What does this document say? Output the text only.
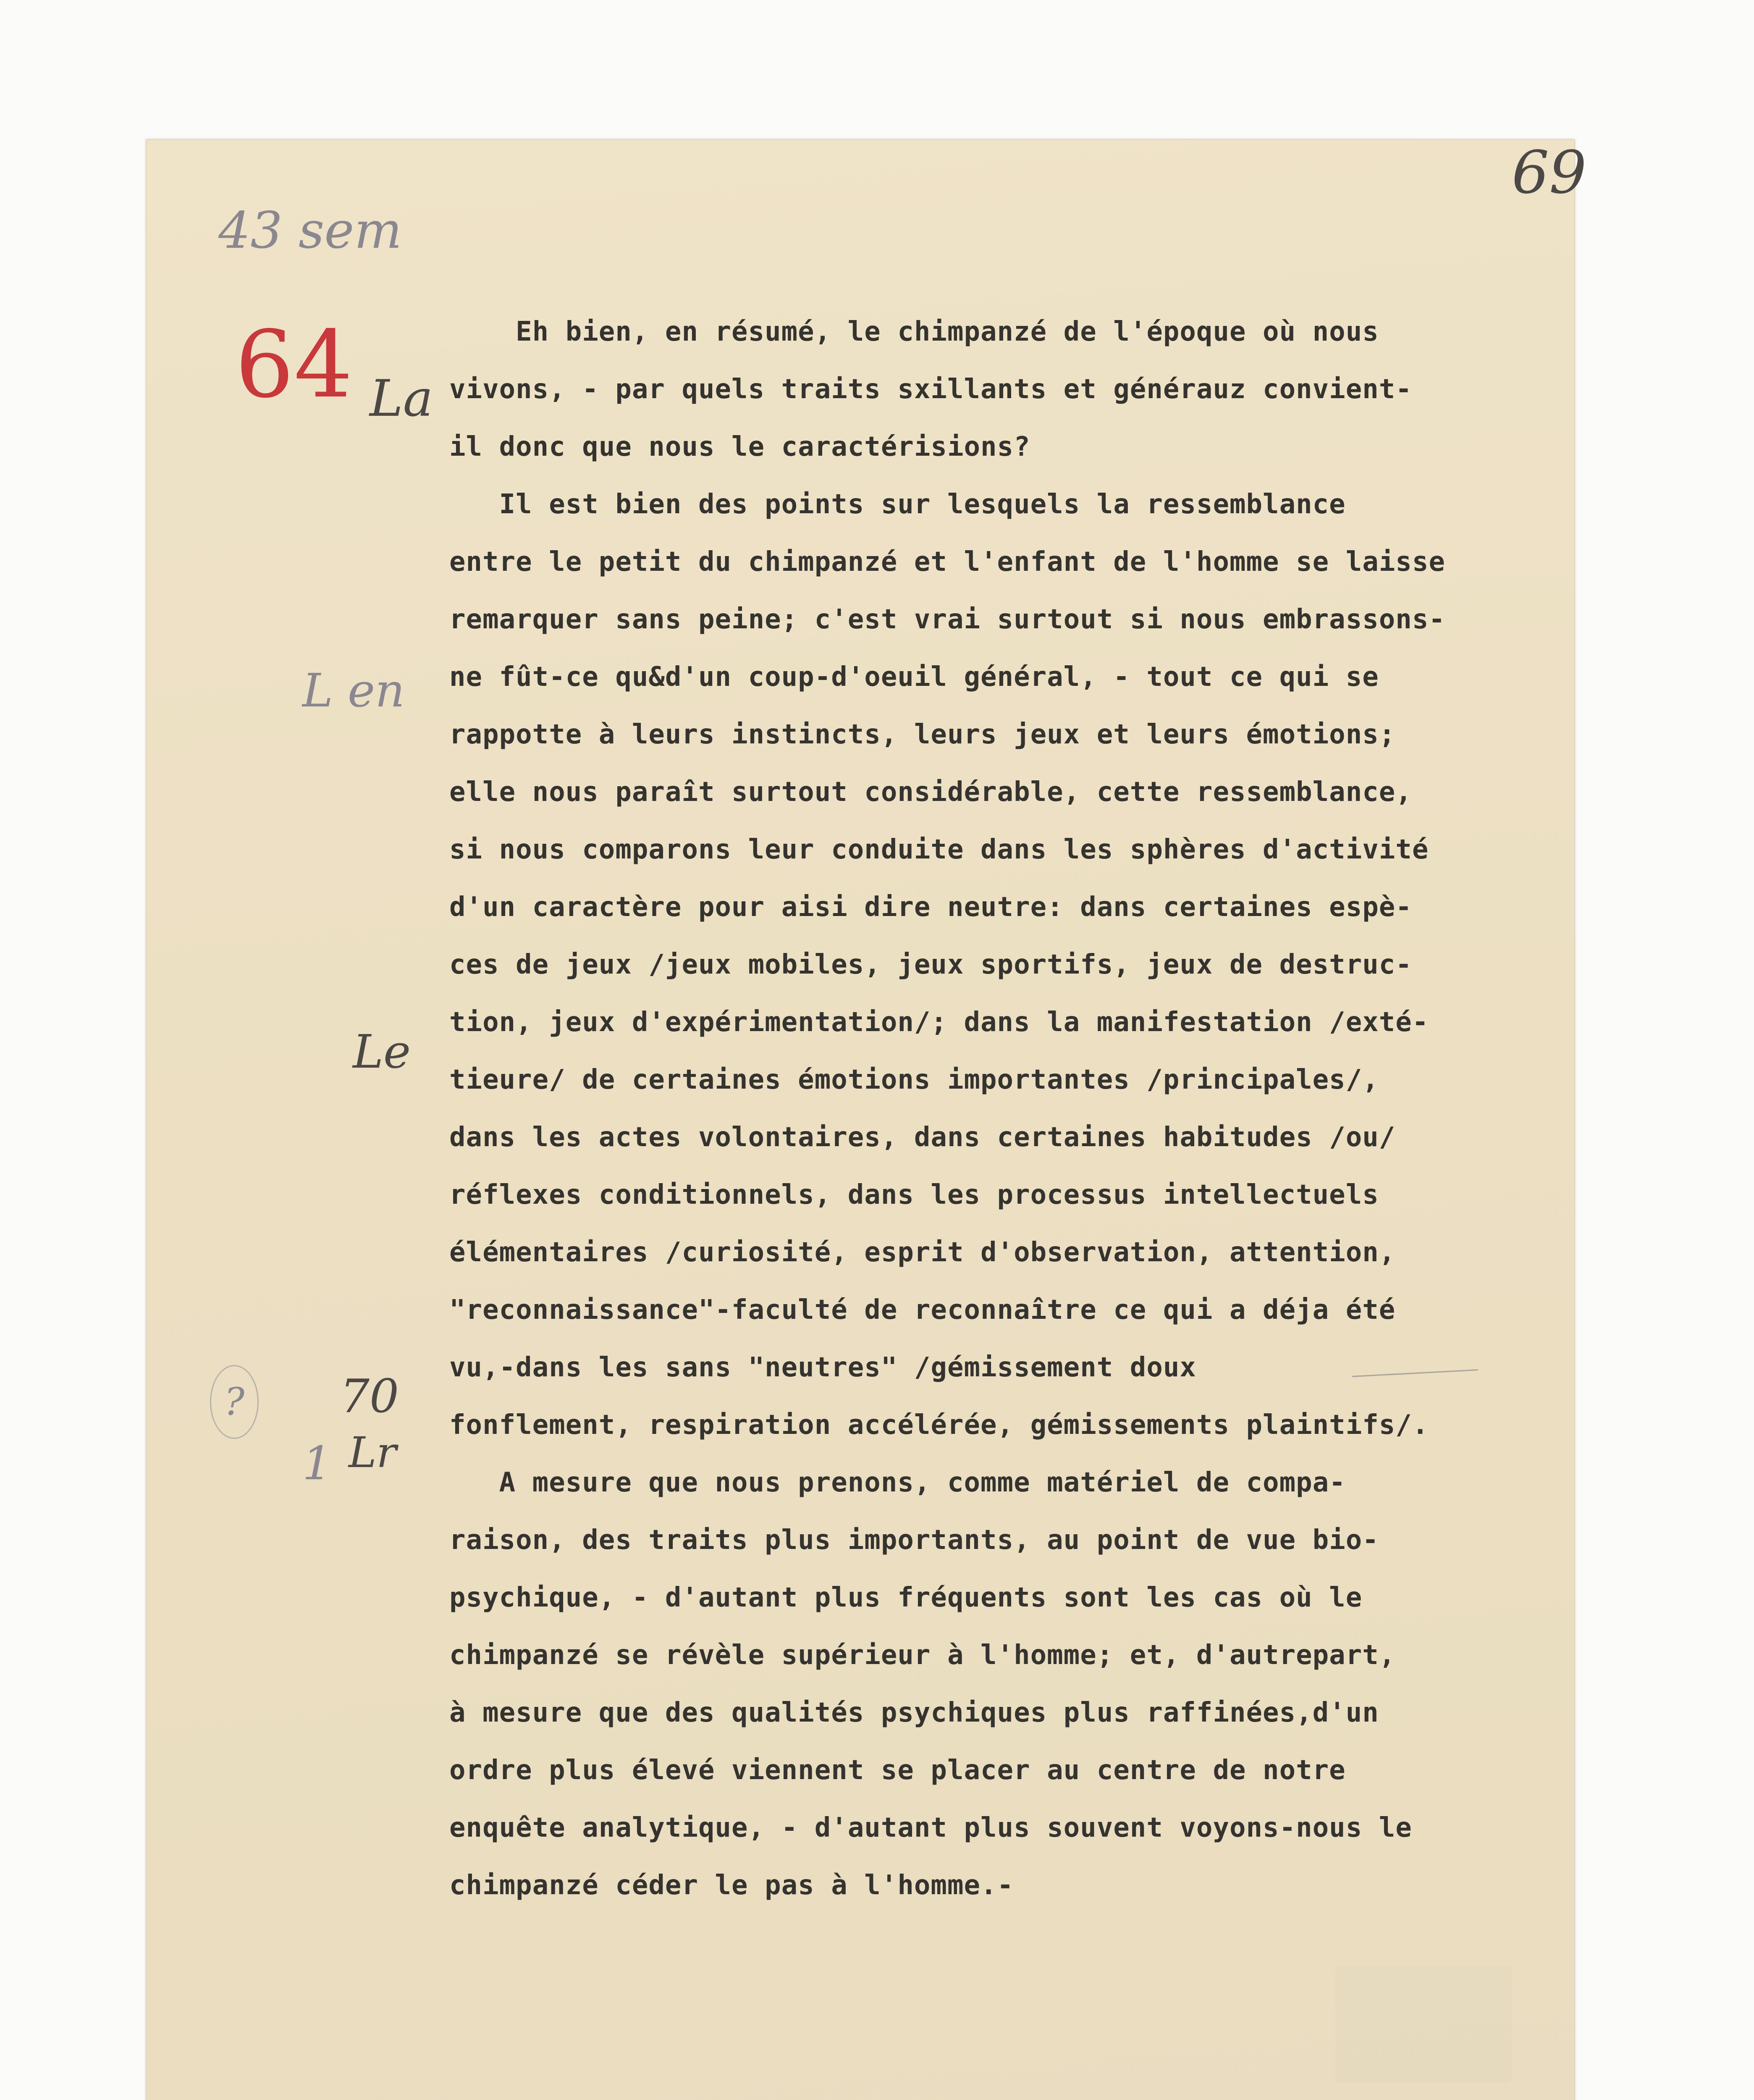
69
43 sem
64 La
L en
Le
?	70
Lr
1
Eh bien, en résumé, le chimpanzé de l'époque où nous
vivons, - par quels traits sxillants et générauz convient-
il donc que nous le caractérisions?
Il est bien des points sur lesquels la ressemblance
entre le petit du chimpanzé et l'enfant de l'homme se laisse
remarquer sans peine; c'est vrai surtout si nous embrassons-
ne fût-ce qu&d'un coup-d'oeuil général, - tout ce qui se
rappotte à leurs instincts, leurs jeux et leurs émotions;
elle nous paraît surtout considérable, cette ressemblance,
si nous comparons leur conduite dans les sphères d'activité
d'un caractère pour aisi dire neutre: dans certaines espè-
ces de jeux /jeux mobiles, jeux sportifs, jeux de destruc-
tion, jeux d'expérimentation/; dans la manifestation /exté-
tieure/ de certaines émotions importantes /principales/,
dans les actes volontaires, dans certaines habitudes /ou/
réflexes conditionnels, dans les processus intellectuels
élémentaires /curiosité, esprit d'observation, attention,
"reconnaissance"-faculté de reconnaître ce qui a déja été
vu,-dans les sans "neutres" /gémissement doux
fonflement, respiration accélérée, gémissements plaintifs/.
A mesure que nous prenons, comme matériel de compa-
raison, des traits plus importants, au point de vue bio-
psychique, - d'autant plus fréquents sont les cas où le
chimpanzé se révèle supérieur à l'homme; et, d'autrepart,
à mesure que des qualités psychiques plus raffinées,d'un
ordre plus élevé viennent se placer au centre de notre
enquête analytique, - d'autant plus souvent voyons-nous le
chimpanzé céder le pas à l'homme.-
